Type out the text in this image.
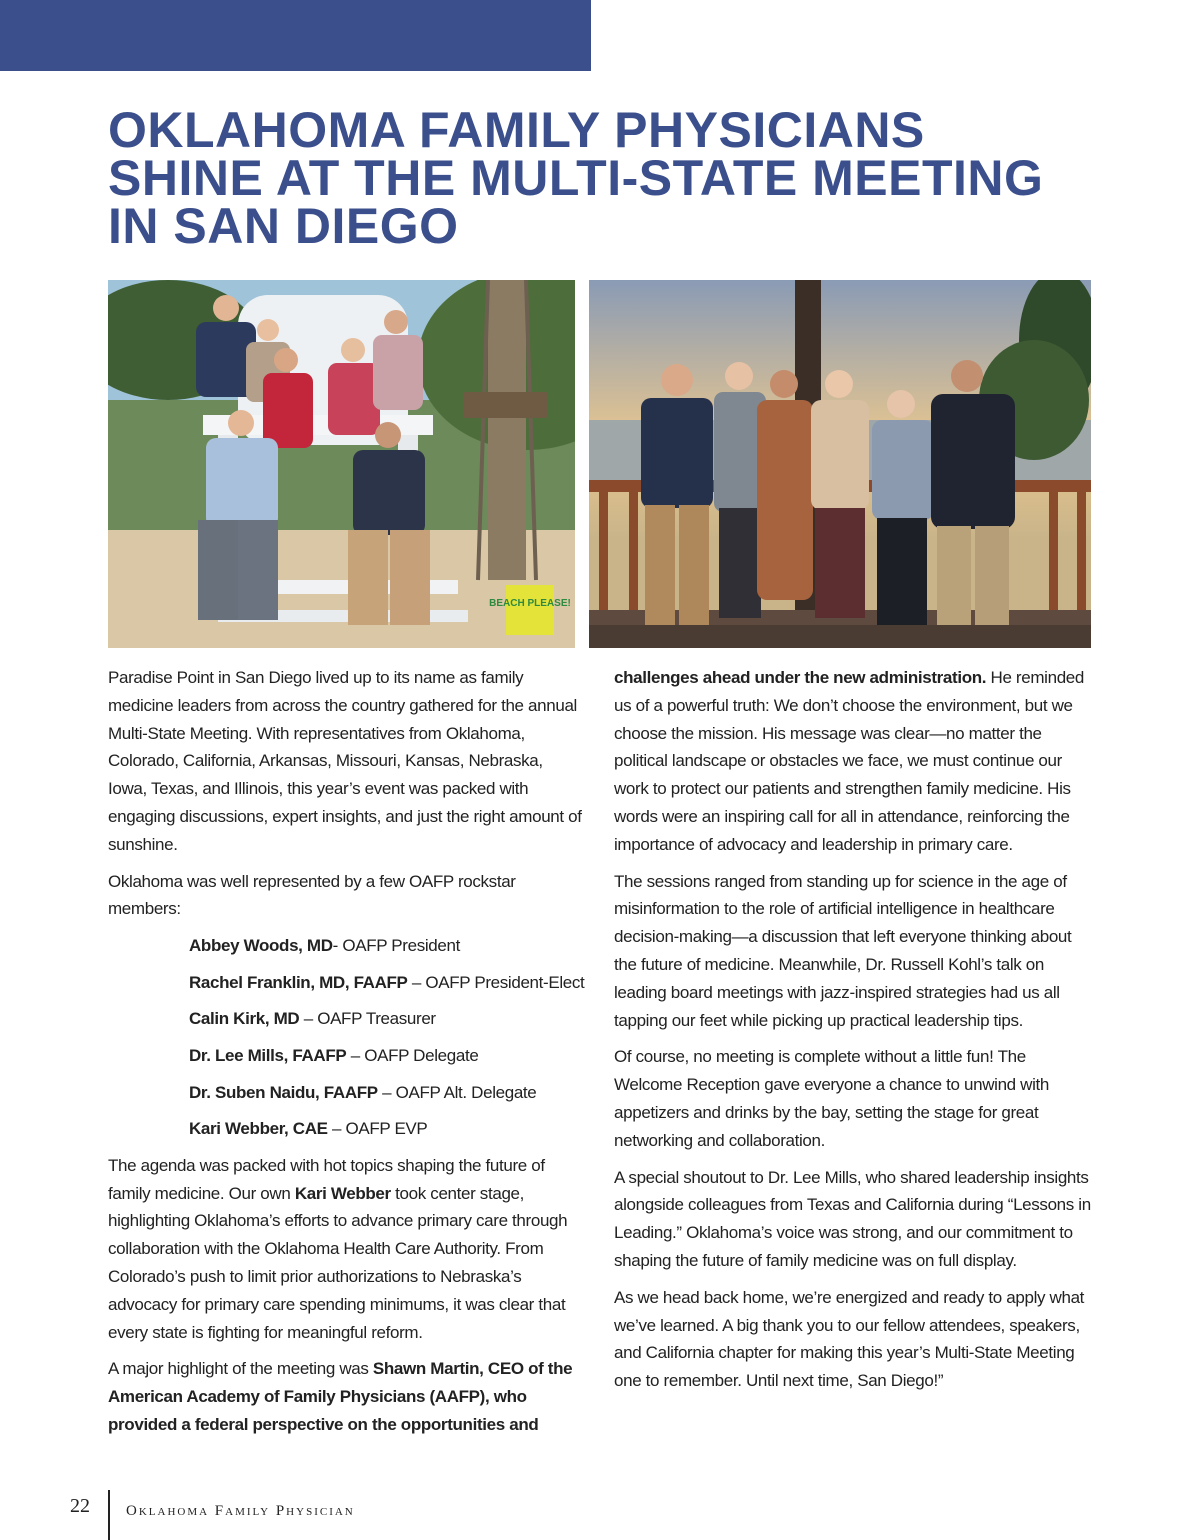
OKLAHOMA FAMILY PHYSICIANS
SHINE AT THE MULTI-STATE MEETING
IN SAN DIEGO
BEACH PLEASE!

Paradise Point in San Diego lived up to its name as family medicine leaders from across the country gathered for the annual Multi-State Meeting. With representatives from Oklahoma, Colorado, California, Arkansas, Missouri, Kansas, Nebraska, Iowa, Texas, and Illinois, this year’s event was packed with engaging discussions, expert insights, and just the right amount of sunshine.

Oklahoma was well represented by a few OAFP rockstar members:

Abbey Woods, MD- OAFP President
Rachel Franklin, MD, FAAFP – OAFP President-Elect
Calin Kirk, MD – OAFP Treasurer
Dr. Lee Mills, FAAFP – OAFP Delegate
Dr. Suben Naidu, FAAFP – OAFP Alt. Delegate
Kari Webber, CAE – OAFP EVP

The agenda was packed with hot topics shaping the future of family medicine. Our own Kari Webber took center stage, highlighting Oklahoma’s efforts to advance primary care through collaboration with the Oklahoma Health Care Authority. From Colorado’s push to limit prior authorizations to Nebraska’s advocacy for primary care spending minimums, it was clear that every state is fighting for meaningful reform.

A major highlight of the meeting was Shawn Martin, CEO of the American Academy of Family Physicians (AAFP), who provided a federal perspective on the opportunities and

challenges ahead under the new administration. He reminded us of a powerful truth: We don’t choose the environment, but we choose the mission. His message was clear—no matter the political landscape or obstacles we face, we must continue our work to protect our patients and strengthen family medicine. His words were an inspiring call for all in attendance, reinforcing the importance of advocacy and leadership in primary care.

The sessions ranged from standing up for science in the age of misinformation to the role of artificial intelligence in healthcare decision-making—a discussion that left everyone thinking about the future of medicine. Meanwhile, Dr. Russell Kohl’s talk on leading board meetings with jazz-inspired strategies had us all tapping our feet while picking up practical leadership tips.

Of course, no meeting is complete without a little fun! The Welcome Reception gave everyone a chance to unwind with appetizers and drinks by the bay, setting the stage for great networking and collaboration.

A special shoutout to Dr. Lee Mills, who shared leadership insights alongside colleagues from Texas and California during “Lessons in Leading.” Oklahoma’s voice was strong, and our commitment to shaping the future of family medicine was on full display.

As we head back home, we’re energized and ready to apply what we’ve learned. A big thank you to our fellow attendees, speakers, and California chapter for making this year’s Multi-State Meeting one to remember. Until next time, San Diego!”

22 Oklahoma Family Physician
